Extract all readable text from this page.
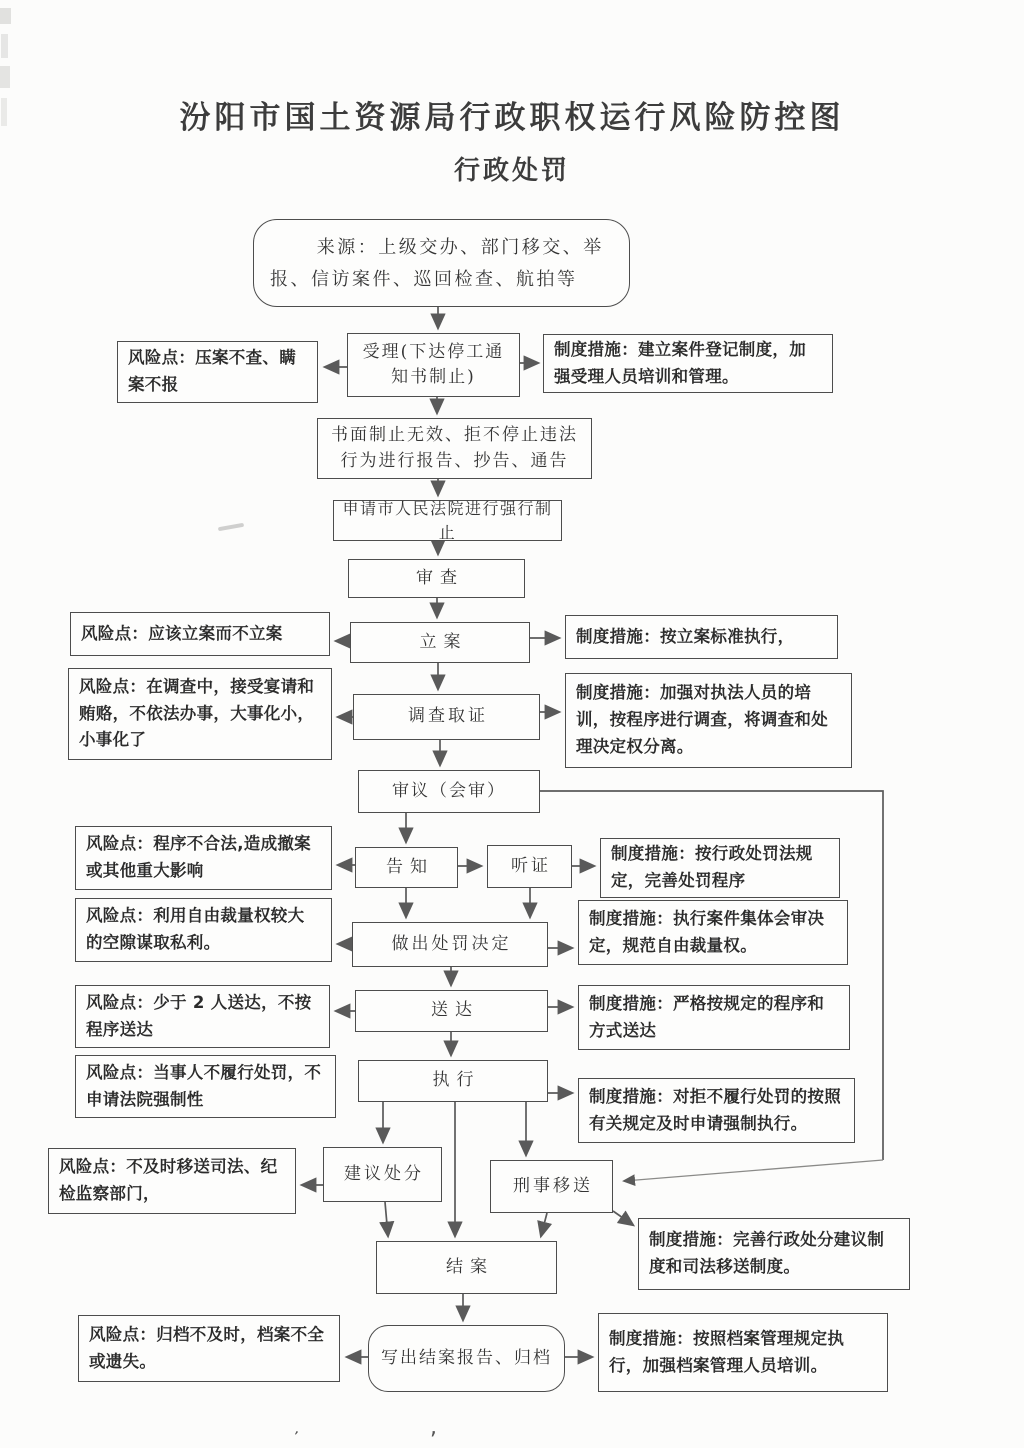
汾阳市国土资源局行政职权运行风险防控图
行政处罚
来源：上级交办、部门移交、举报、信访案件、巡回检查、航拍等
受理(下达停工通知书制止)
书面制止无效、拒不停止违法行为进行报告、抄告、通告
申请市人民法院进行强行制止
审查
立案
调查取证
审议（会审）
告知	听证
做出处罚决定
送达
执行
建议处分
刑事移送
结案
写出结案报告、归档
风险点：压案不查、瞒案不报
风险点：应该立案而不立案
风险点：在调查中，接受宴请和贿赂，不依法办事，大事化小，小事化了
风险点：程序不合法,造成撤案或其他重大影响
风险点：利用自由裁量权较大的空隙谋取私利。
风险点：少于 2 人送达，不按程序送达
风险点：当事人不履行处罚，不申请法院强制性
风险点：不及时移送司法、纪检监察部门，
风险点：归档不及时，档案不全或遗失。
制度措施：建立案件登记制度，加强受理人员培训和管理。
制度措施：按立案标准执行，
制度措施：加强对执法人员的培训，按程序进行调查，将调查和处理决定权分离。
制度措施：按行政处罚法规定，完善处罚程序
制度措施：执行案件集体会审决定，规范自由裁量权。
制度措施：严格按规定的程序和方式送达
制度措施：对拒不履行处罚的按照有关规定及时申请强制执行。
制度措施：完善行政处分建议制度和司法移送制度。
制度措施：按照档案管理规定执行，加强档案管理人员培训。
,
’
